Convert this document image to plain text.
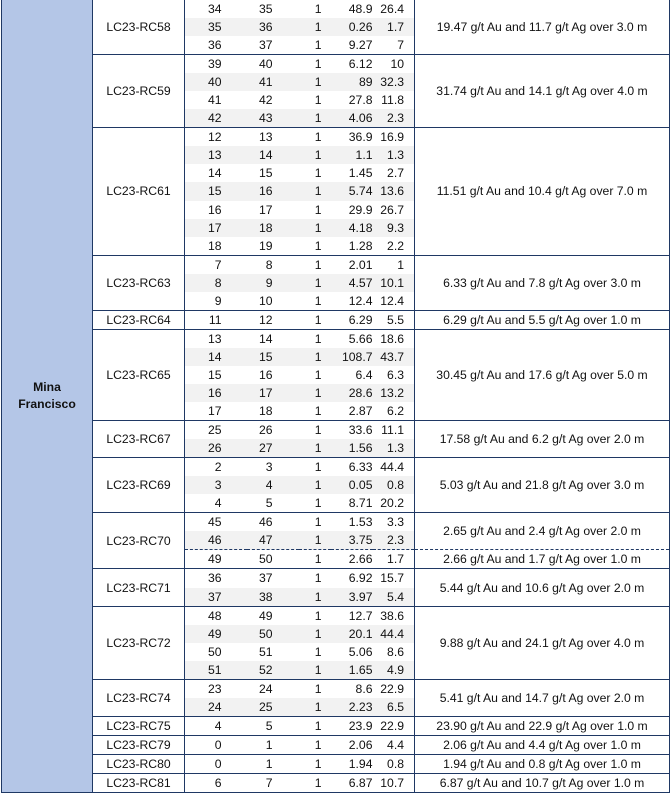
Mina
Francisco	LC23-RC58	34	35	1	48.9	26.4	19.47 g/t Au and 11.7 g/t Ag over 3.0 m
		35	36	1	0.26	1.7	
		36	37	1	9.27	7	
	LC23-RC59	39	40	1	6.12	10	31.74 g/t Au and 14.1 g/t Ag over 4.0 m
		40	41	1	89	32.3	
		41	42	1	27.8	11.8	
		42	43	1	4.06	2.3	
	LC23-RC61	12	13	1	36.9	16.9	11.51 g/t Au and 10.4 g/t Ag over 7.0 m
		13	14	1	1.1	1.3	
		14	15	1	1.45	2.7	
		15	16	1	5.74	13.6	
		16	17	1	29.9	26.7	
		17	18	1	4.18	9.3	
		18	19	1	1.28	2.2	
	LC23-RC63	7	8	1	2.01	1	6.33 g/t Au and 7.8 g/t Ag over 3.0 m
		8	9	1	4.57	10.1	
		9	10	1	12.4	12.4	
	LC23-RC64	11	12	1	6.29	5.5	6.29 g/t Au and 5.5 g/t Ag over 1.0 m
	LC23-RC65	13	14	1	5.66	18.6	30.45 g/t Au and 17.6 g/t Ag over 5.0 m
		14	15	1	108.7	43.7	
		15	16	1	6.4	6.3	
		16	17	1	28.6	13.2	
		17	18	1	2.87	6.2	
	LC23-RC67	25	26	1	33.6	11.1	17.58 g/t Au and 6.2 g/t Ag over 2.0 m
		26	27	1	1.56	1.3	
	LC23-RC69	2	3	1	6.33	44.4	5.03 g/t Au and 21.8 g/t Ag over 3.0 m
		3	4	1	0.05	0.8	
		4	5	1	8.71	20.2	
	LC23-RC70	45	46	1	1.53	3.3	2.65 g/t Au and 2.4 g/t Ag over 2.0 m
		46	47	1	3.75	2.3	
		49	50	1	2.66	1.7	2.66 g/t Au and 1.7 g/t Ag over 1.0 m
	LC23-RC71	36	37	1	6.92	15.7	5.44 g/t Au and 10.6 g/t Ag over 2.0 m
		37	38	1	3.97	5.4	
	LC23-RC72	48	49	1	12.7	38.6	9.88 g/t Au and 24.1 g/t Ag over 4.0 m
		49	50	1	20.1	44.4	
		50	51	1	5.06	8.6	
		51	52	1	1.65	4.9	
	LC23-RC74	23	24	1	8.6	22.9	5.41 g/t Au and 14.7 g/t Ag over 2.0 m
		24	25	1	2.23	6.5	
	LC23-RC75	4	5	1	23.9	22.9	23.90 g/t Au and 22.9 g/t Ag over 1.0 m
	LC23-RC79	0	1	1	2.06	4.4	2.06 g/t Au and 4.4 g/t Ag over 1.0 m
	LC23-RC80	0	1	1	1.94	0.8	1.94 g/t Au and 0.8 g/t Ag over 1.0 m
	LC23-RC81	6	7	1	6.87	10.7	6.87 g/t Au and 10.7 g/t Ag over 1.0 m
